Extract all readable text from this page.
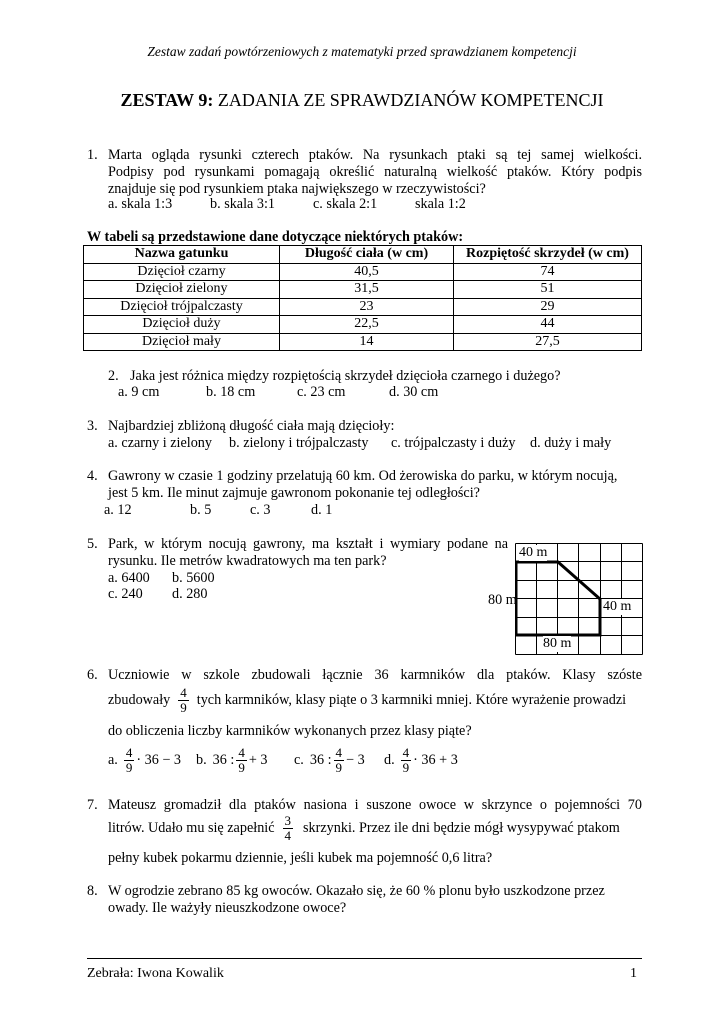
Zestaw zadań powtórzeniowych z matematyki przed sprawdzianem kompetencji
ZESTAW 9: ZADANIA ZE SPRAWDZIANÓW KOMPETENCJI
1. Marta ogląda rysunki czterech ptaków. Na rysunkach ptaki są tej samej wielkości.
Podpisy pod rysunkami pomagają określić naturalną wielkość ptaków. Który podpis
znajduje się pod rysunkiem ptaka największego w rzeczywistości?
a. skala 1:3	b. skala 3:1	c. skala 2:1	skala 1:2
W tabeli są przedstawione dane dotyczące niektórych ptaków:
Nazwa gatunku	Długość ciała (w cm)	Rozpiętość skrzydeł (w cm)
Dzięcioł czarny	40,5	74
Dzięcioł zielony	31,5	51
Dzięcioł trójpalczasty	23	29
Dzięcioł duży	22,5	44
Dzięcioł mały	14	27,5
2. Jaka jest różnica między rozpiętością skrzydeł dzięcioła czarnego i dużego?
a. 9 cm	b. 18 cm	c. 23 cm	d. 30 cm
3. Najbardziej zbliżoną długość ciała mają dzięcioły:
a. czarny i zielony b. zielony i trójpalczasty c. trójpalczasty i duży d. duży i mały
4. Gawrony w czasie 1 godziny przelatują 60 km. Od żerowiska do parku, w którym nocują,
jest 5 km. Ile minut zajmuje gawronom pokonanie tej odległości?
a. 12	b. 5	c. 3	d. 1
5. Park, w którym nocują gawrony, ma kształt i wymiary podane na
rysunku. Ile metrów kwadratowych ma ten park?
a. 6400 b. 5600
c. 240 d. 280
40 m
80 m	40 m
80 m
6. Uczniowie w szkole zbudowali łącznie 36 karmników dla ptaków. Klasy szóste
zbudowały $\frac{4}{9}$ tych karmników, klasy piąte o 3 karmniki mniej. Które wyrażenie prowadzi
do obliczenia liczby karmników wykonanych przez klasy piąte?
a. $\frac{4}{9} \cdot 36 - 3$ b. 36 : $\frac{4}{9} + 3$ c. 36 : $\frac{4}{9} - 3$ d. $\frac{4}{9} \cdot 36 + 3$
7. Mateusz gromadził dla ptaków nasiona i suszone owoce w skrzynce o pojemności 70
litrów. Udało mu się zapełnić $\frac{3}{4}$ skrzynki. Przez ile dni będzie mógł wysypywać ptakom
pełny kubek pokarmu dziennie, jeśli kubek ma pojemność 0,6 litra?
8. W ogrodzie zebrano 85 kg owoców. Okazało się, że 60 % plonu było uszkodzone przez
owady. Ile ważyły nieuszkodzone owoce?
Zebrała: Iwona Kowalik	1
